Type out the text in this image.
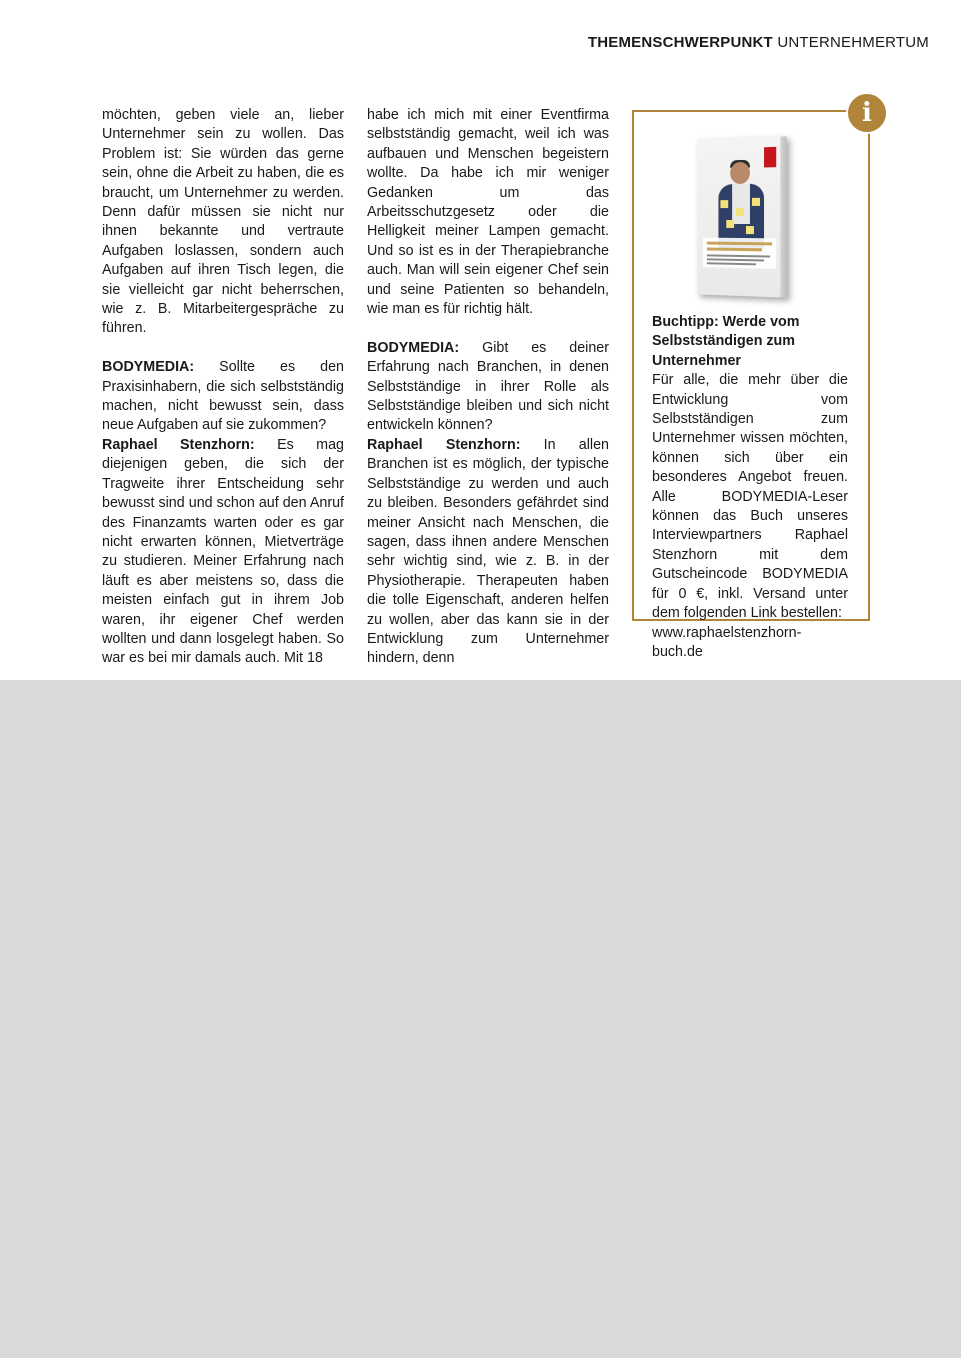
THEMENSCHWERPUNKT UNTERNEHMERTUM

möchten, geben viele an, lieber Unternehmer sein zu wollen. Das Problem ist: Sie würden das gerne sein, ohne die Arbeit zu haben, die es braucht, um Unternehmer zu werden. Denn dafür müssen sie nicht nur ihnen bekannte und vertraute Aufgaben loslassen, sondern auch Aufgaben auf ihren Tisch legen, die sie vielleicht gar nicht beherrschen, wie z. B. Mitarbeitergespräche zu führen.

BODYMEDIA: Sollte es den Praxisinhabern, die sich selbstständig machen, nicht bewusst sein, dass neue Aufgaben auf sie zukommen?

Raphael Stenzhorn: Es mag diejenigen geben, die sich der Tragweite ihrer Entscheidung sehr bewusst sind und schon auf den Anruf des Finanzamts warten oder es gar nicht erwarten können, Mietverträge zu studieren. Meiner Erfahrung nach läuft es aber meistens so, dass die meisten einfach gut in ihrem Job waren, ihr eigener Chef werden wollten und dann losgelegt haben. So war es bei mir damals auch. Mit 18

habe ich mich mit einer Eventfirma selbstständig gemacht, weil ich was aufbauen und Menschen begeistern wollte. Da habe ich mir weniger Gedanken um das Arbeitsschutzgesetz oder die Helligkeit meiner Lampen gemacht. Und so ist es in der Therapiebranche auch. Man will sein eigener Chef sein und seine Patienten so behandeln, wie man es für richtig hält.

BODYMEDIA: Gibt es deiner Erfahrung nach Branchen, in denen Selbstständige in ihrer Rolle als Selbstständige bleiben und sich nicht entwickeln können?

Raphael Stenzhorn: In allen Branchen ist es möglich, der typische Selbstständige zu werden und auch zu bleiben. Besonders gefährdet sind meiner Ansicht nach Menschen, die sagen, dass ihnen andere Menschen sehr wichtig sind, wie z. B. in der Physiotherapie. Therapeuten haben die tolle Eigenschaft, anderen helfen zu wollen, aber das kann sie in der Entwicklung zum Unternehmer hindern, denn

i
Buchtipp: Werde vom Selbstständigen zum Unternehmer
Für alle, die mehr über die Entwicklung vom Selbstständigen zum Unternehmer wissen möchten, können sich über ein besonderes Angebot freuen. Alle BODYMEDIA-Leser können das Buch unseres Interviewpartners Raphael Stenzhorn mit dem Gutscheincode BODYMEDIA für 0 €, inkl. Versand unter dem folgenden Link bestellen:
www.raphaelstenzhorn-buch.de
